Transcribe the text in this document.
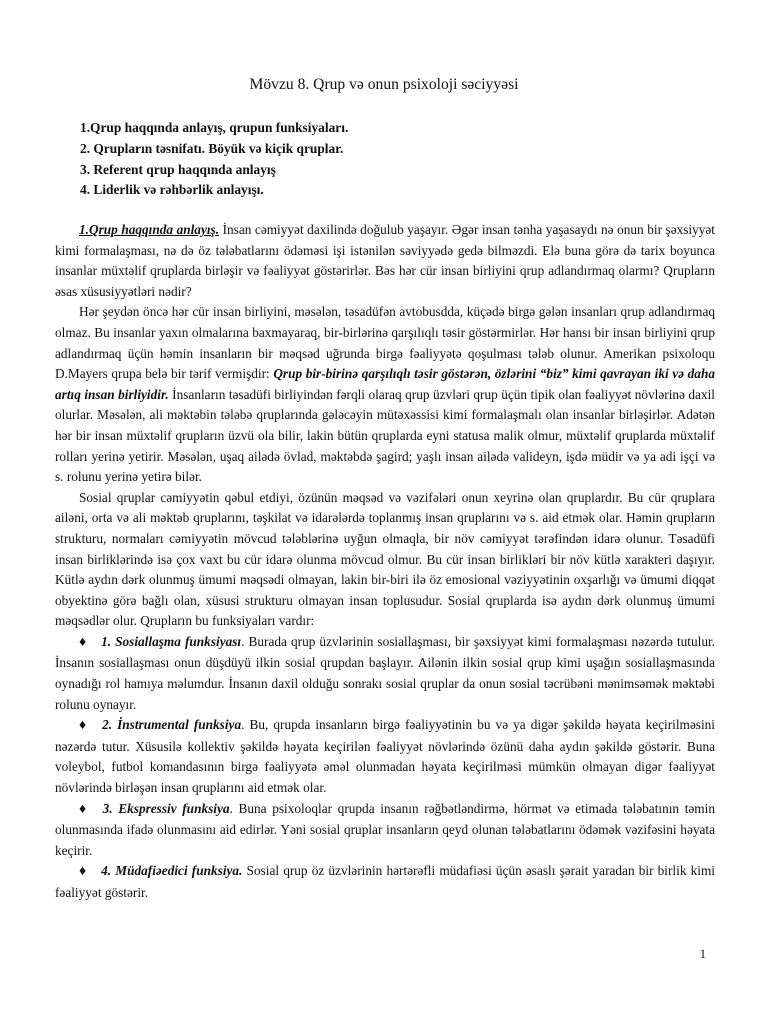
Mövzu 8. Qrup və onun psixoloji səciyyəsi
1.Qrup haqqında anlayış, qrupun funksiyaları.
2. Qrupların təsnifatı. Böyük və kiçik qruplar.
3. Referent qrup haqqında anlayış
4. Liderlik və rəhbərlik anlayışı.

1.Qrup haqqında anlayış. İnsan cəmiyyət daxilində doğulub yaşayır. Əgər insan tənha yaşasaydı nə onun bir şəxsiyyət kimi formalaşması, nə də öz tələbatlarını ödəməsi işi istənilən səviyyədə gedə bilməzdi. Elə buna görə də tarix boyunca insanlar müxtəlif qruplarda birləşir və fəaliyyət göstərirlər. Bəs hər cür insan birliyini qrup adlandırmaq olarmı? Qrupların əsas xüsusiyyətləri nədir?

Hər şeydən öncə hər cür insan birliyini, məsələn, təsadüfən avtobusdda, küçədə birgə gələn insanları qrup adlandırmaq olmaz. Bu insanlar yaxın olmalarına baxmayaraq, bir-birlərinə qarşılıqlı təsir göstərmirlər. Hər hansı bir insan birliyini qrup adlandırmaq üçün həmin insanların bir məqsəd uğrunda birgə fəaliyyətə qoşulması tələb olunur. Amerikan psixoloqu D.Mayers qrupa belə bir tərif vermişdir: Qrup bir-birinə qarşılıqlı təsir göstərən, özlərini “biz” kimi qavrayan iki və daha artıq insan birliyidir. İnsanların təsadüfi birliyindən fərqli olaraq qrup üzvləri qrup üçün tipik olan fəaliyyət növlərinə daxil olurlar. Məsələn, ali məktəbin tələbə qruplarında gələcəyin mütəxəssisi kimi formalaşmalı olan insanlar birləşirlər. Adətən hər bir insan müxtəlif qrupların üzvü ola bilir, lakin bütün qruplarda eyni statusa malik olmur, müxtəlif qruplarda müxtəlif rolları yerinə yetirir. Məsələn, uşaq ailədə övlad, məktəbdə şagird; yaşlı insan ailədə valideyn, işdə müdir və ya adi işçi və s. rolunu yerinə yetirə bilər.

Sosial qruplar cəmiyyətin qəbul etdiyi, özünün məqsəd və vəzifələri onun xeyrinə olan qruplardır. Bu cür qruplara ailəni, orta və ali məktəb qruplarını, təşkilat və idarələrdə toplanmış insan qruplarını və s. aid etmək olar. Həmin qrupların strukturu, normaları cəmiyyətin mövcud tələblərinə uyğun olmaqla, bir növ cəmiyyət tərəfindən idarə olunur. Təsadüfi insan birliklərində isə çox vaxt bu cür idarə olunma mövcud olmur. Bu cür insan birlikləri bir növ kütlə xarakteri daşıyır. Kütlə aydın dərk olunmuş ümumi məqsədi olmayan, lakin bir-biri ilə öz emosional vəziyyətinin oxşarlığı və ümumi diqqət obyektinə görə bağlı olan, xüsusi strukturu olmayan insan toplusudur. Sosial qruplarda isə aydın dərk olunmuş ümumi məqsədlər olur. Qrupların bu funksiyaları vardır:

♦ 1. Sosiallaşma funksiyası. Burada qrup üzvlərinin sosiallaşması, bir şəxsiyyət kimi formalaşması nəzərdə tutulur. İnsanın sosiallaşması onun düşdüyü ilkin sosial qrupdan başlayır. Ailənin ilkin sosial qrup kimi uşağın sosiallaşmasında oynadığı rol hamıya məlumdur. İnsanın daxil olduğu sonrakı sosial qruplar da onun sosial təcrübəni mənimsəmək məktəbi rolunu oynayır.

♦ 2. İnstrumental funksiya. Bu, qrupda insanların birgə fəaliyyətinin bu və ya digər şəkildə həyata keçirilməsini nəzərdə tutur. Xüsusilə kollektiv şəkildə həyata keçirilən fəaliyyət növlərində özünü daha aydın şəkildə göstərir. Buna voleybol, futbol komandasının birgə fəaliyyətə əməl olunmadan həyata keçirilməsi mümkün olmayan digər fəaliyyət növlərində birləşən insan qruplarını aid etmək olar.

♦ 3. Ekspressiv funksiya. Buna psixoloqlar qrupda insanın rəğbətləndirmə, hörmət və etimada tələbatının təmin olunmasında ifadə olunmasını aid edirlər. Yəni sosial qruplar insanların qeyd olunan tələbatlarını ödəmək vəzifəsini həyata keçirir.

♦ 4. Müdafiəedici funksiya. Sosial qrup öz üzvlərinin hərtərəfli müdafiəsi üçün əsaslı şərait yaradan bir birlik kimi fəaliyyət göstərir.

1
